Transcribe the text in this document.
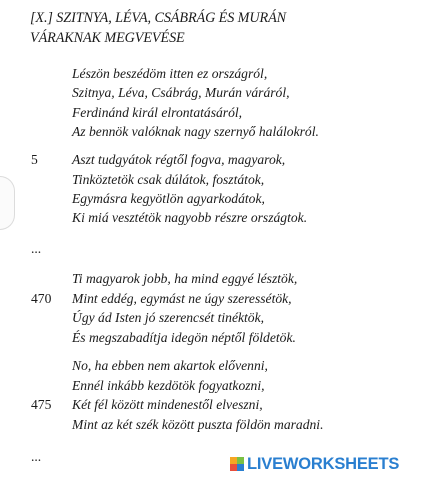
[X.] SZITNYA, LÉVA, CSÁBRÁG ÉS MURÁN
VÁRAKNAK MEGVEVÉSE
Lészön beszédöm itten ez országról,
Szitnya, Léva, Csábrág, Murán váráról,
Ferdinánd királ elrontatásáról,
Az bennök valóknak nagy szernyő halálokról.
5	Aszt tudgyátok régtől fogva, magyarok,
Tinköztetök csak dúlátok, fosztátok,
Egymásra kegyötlön agyarkodátok,
Ki miá vesztétök nagyobb részre országtok.
...
Ti magyarok jobb, ha mind eggyé lésztök,
470 Mint eddég, egymást ne úgy szeressétök,
Úgy ád Isten jó szerencsét tinéktök,
És megszabadítja idegön néptől földetök.
No, ha ebben nem akartok elővenni,
Ennél inkább kezdötök fogyatkozni,
475 Két fél között mindenestől elveszni,
Mint az két szék között puszta földön maradni.
...	LIVEWORKSHEETS
